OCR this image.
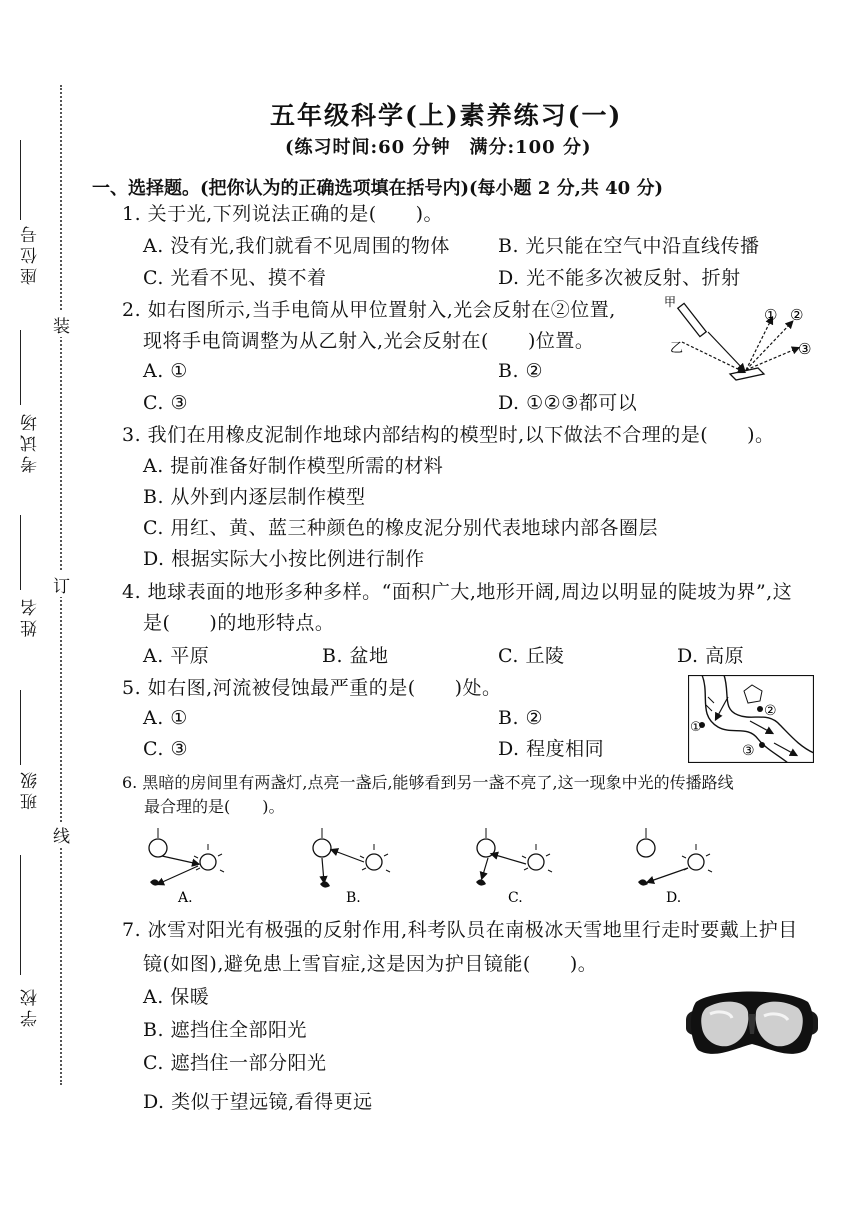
座位号
考试场
姓名
班级
学校
装
订
线
五年级科学(上)素养练习(一)
(练习时间:60 分钟　满分:100 分)
一、选择题。(把你认为的正确选项填在括号内)(每小题 2 分,共 40 分)
1. 关于光,下列说法正确的是(　　)。
A. 没有光,我们就看不见周围的物体	B. 光只能在空气中沿直线传播
C. 光看不见、摸不着	D. 光不能多次被反射、折射
2. 如右图所示,当手电筒从甲位置射入,光会反射在②位置,
现将手电筒调整为从乙射入,光会反射在(　　)位置。
A. ①	B. ②
C. ③	D. ①②③都可以
甲
乙
① ②
③
3. 我们在用橡皮泥制作地球内部结构的模型时,以下做法不合理的是(　　)。
A. 提前准备好制作模型所需的材料
B. 从外到内逐层制作模型
C. 用红、黄、蓝三种颜色的橡皮泥分别代表地球内部各圈层
D. 根据实际大小按比例进行制作
4. 地球表面的地形多种多样。“面积广大,地形开阔,周边以明显的陡坡为界”,这
是(　　)的地形特点。
A. 平原	B. 盆地	C. 丘陵	D. 高原
5. 如右图,河流被侵蚀最严重的是(　　)处。
A. ①	B. ②
C. ③	D. 程度相同
①
②
③
6. 黑暗的房间里有两盏灯,点亮一盏后,能够看到另一盏不亮了,这一现象中光的传播路线
最合理的是(　　)。
A.	B.	C.	D.
7. 冰雪对阳光有极强的反射作用,科考队员在南极冰天雪地里行走时要戴上护目
镜(如图),避免患上雪盲症,这是因为护目镜能(　　)。
A. 保暖
B. 遮挡住全部阳光
C. 遮挡住一部分阳光
D. 类似于望远镜,看得更远
